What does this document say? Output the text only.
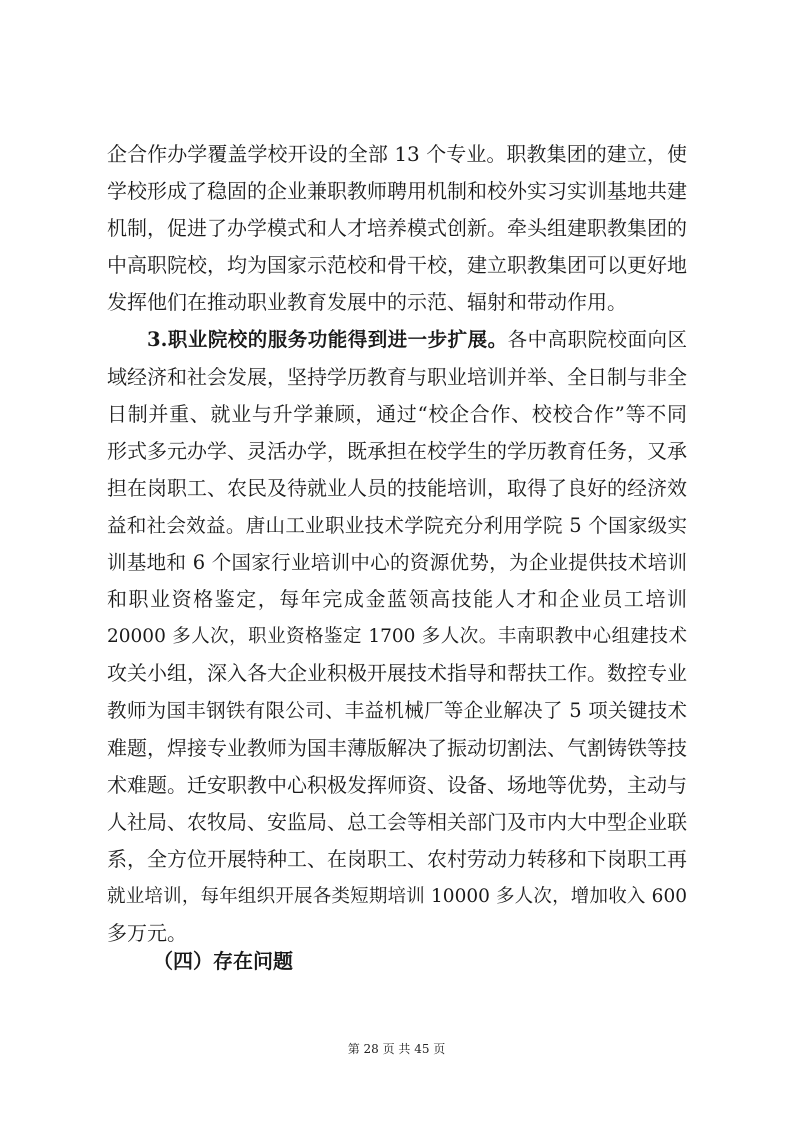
企合作办学覆盖学校开设的全部 13 个专业。职教集团的建立，使
学校形成了稳固的企业兼职教师聘用机制和校外实习实训基地共建
机制，促进了办学模式和人才培养模式创新。牵头组建职教集团的
中高职院校，均为国家示范校和骨干校，建立职教集团可以更好地
发挥他们在推动职业教育发展中的示范、辐射和带动作用。
3.职业院校的服务功能得到进一步扩展。各中高职院校面向区
域经济和社会发展，坚持学历教育与职业培训并举、全日制与非全
日制并重、就业与升学兼顾，通过“校企合作、校校合作”等不同
形式多元办学、灵活办学，既承担在校学生的学历教育任务，又承
担在岗职工、农民及待就业人员的技能培训，取得了良好的经济效
益和社会效益。唐山工业职业技术学院充分利用学院 5 个国家级实
训基地和 6 个国家行业培训中心的资源优势，为企业提供技术培训
和职业资格鉴定，每年完成金蓝领高技能人才和企业员工培训
20000 多人次，职业资格鉴定 1700 多人次。丰南职教中心组建技术
攻关小组，深入各大企业积极开展技术指导和帮扶工作。数控专业
教师为国丰钢铁有限公司、丰益机械厂等企业解决了 5 项关键技术
难题，焊接专业教师为国丰薄版解决了振动切割法、气割铸铁等技
术难题。迁安职教中心积极发挥师资、设备、场地等优势，主动与
人社局、农牧局、安监局、总工会等相关部门及市内大中型企业联
系，全方位开展特种工、在岗职工、农村劳动力转移和下岗职工再
就业培训，每年组织开展各类短期培训 10000 多人次，增加收入 600
多万元。
（四）存在问题
第 28 页 共 45 页
